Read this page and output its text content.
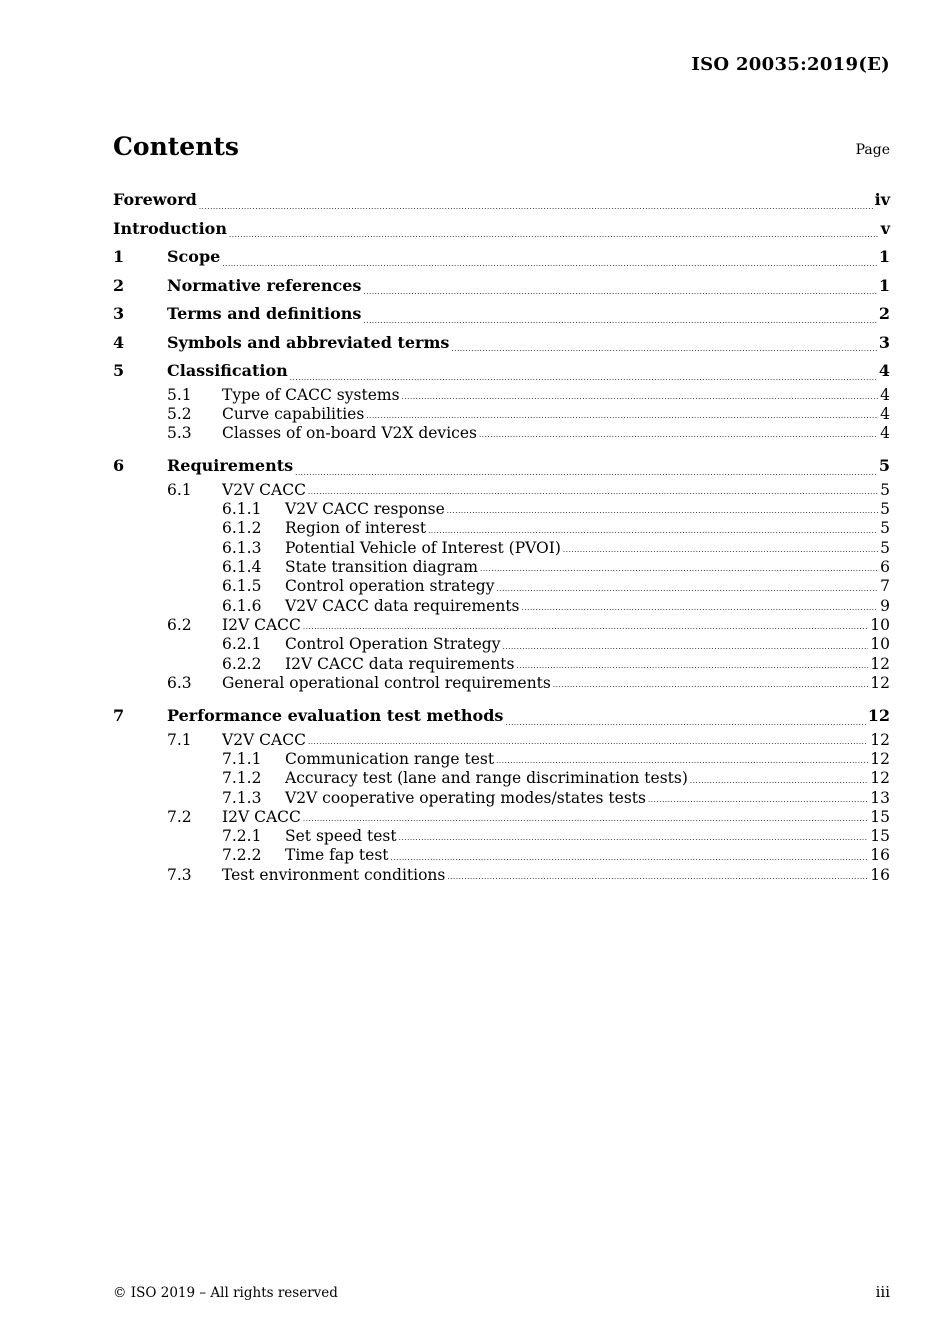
ISO 20035:2019(E)
Contents	Page
Foreword .....	iv
Introduction .....	v
1	Scope .....	1
2	Normative references .....	1
3	Terms and definitions .....	2
4	Symbols and abbreviated terms .....	3
5	Classification .....	4
5.1	Type of CACC systems .....	4
5.2	Curve capabilities .....	4
5.3	Classes of on-board V2X devices .....	4
6	Requirements .....	5
6.1	V2V CACC .....	5
6.1.1	V2V CACC response .....	5
6.1.2	Region of interest .....	5
6.1.3	Potential Vehicle of Interest (PVOI) .....	5
6.1.4	State transition diagram .....	6
6.1.5	Control operation strategy .....	7
6.1.6	V2V CACC data requirements .....	9
6.2	I2V CACC .....	10
6.2.1	Control Operation Strategy .....	10
6.2.2	I2V CACC data requirements .....	12
6.3	General operational control requirements .....	12
7	Performance evaluation test methods .....	12
7.1	V2V CACC .....	12
7.1.1	Communication range test .....	12
7.1.2	Accuracy test (lane and range discrimination tests) .....	12
7.1.3	V2V cooperative operating modes/states tests .....	13
7.2	I2V CACC .....	15
7.2.1	Set speed test .....	15
7.2.2	Time fap test .....	16
7.3	Test environment conditions .....	16
© ISO 2019 – All rights reserved	iii
